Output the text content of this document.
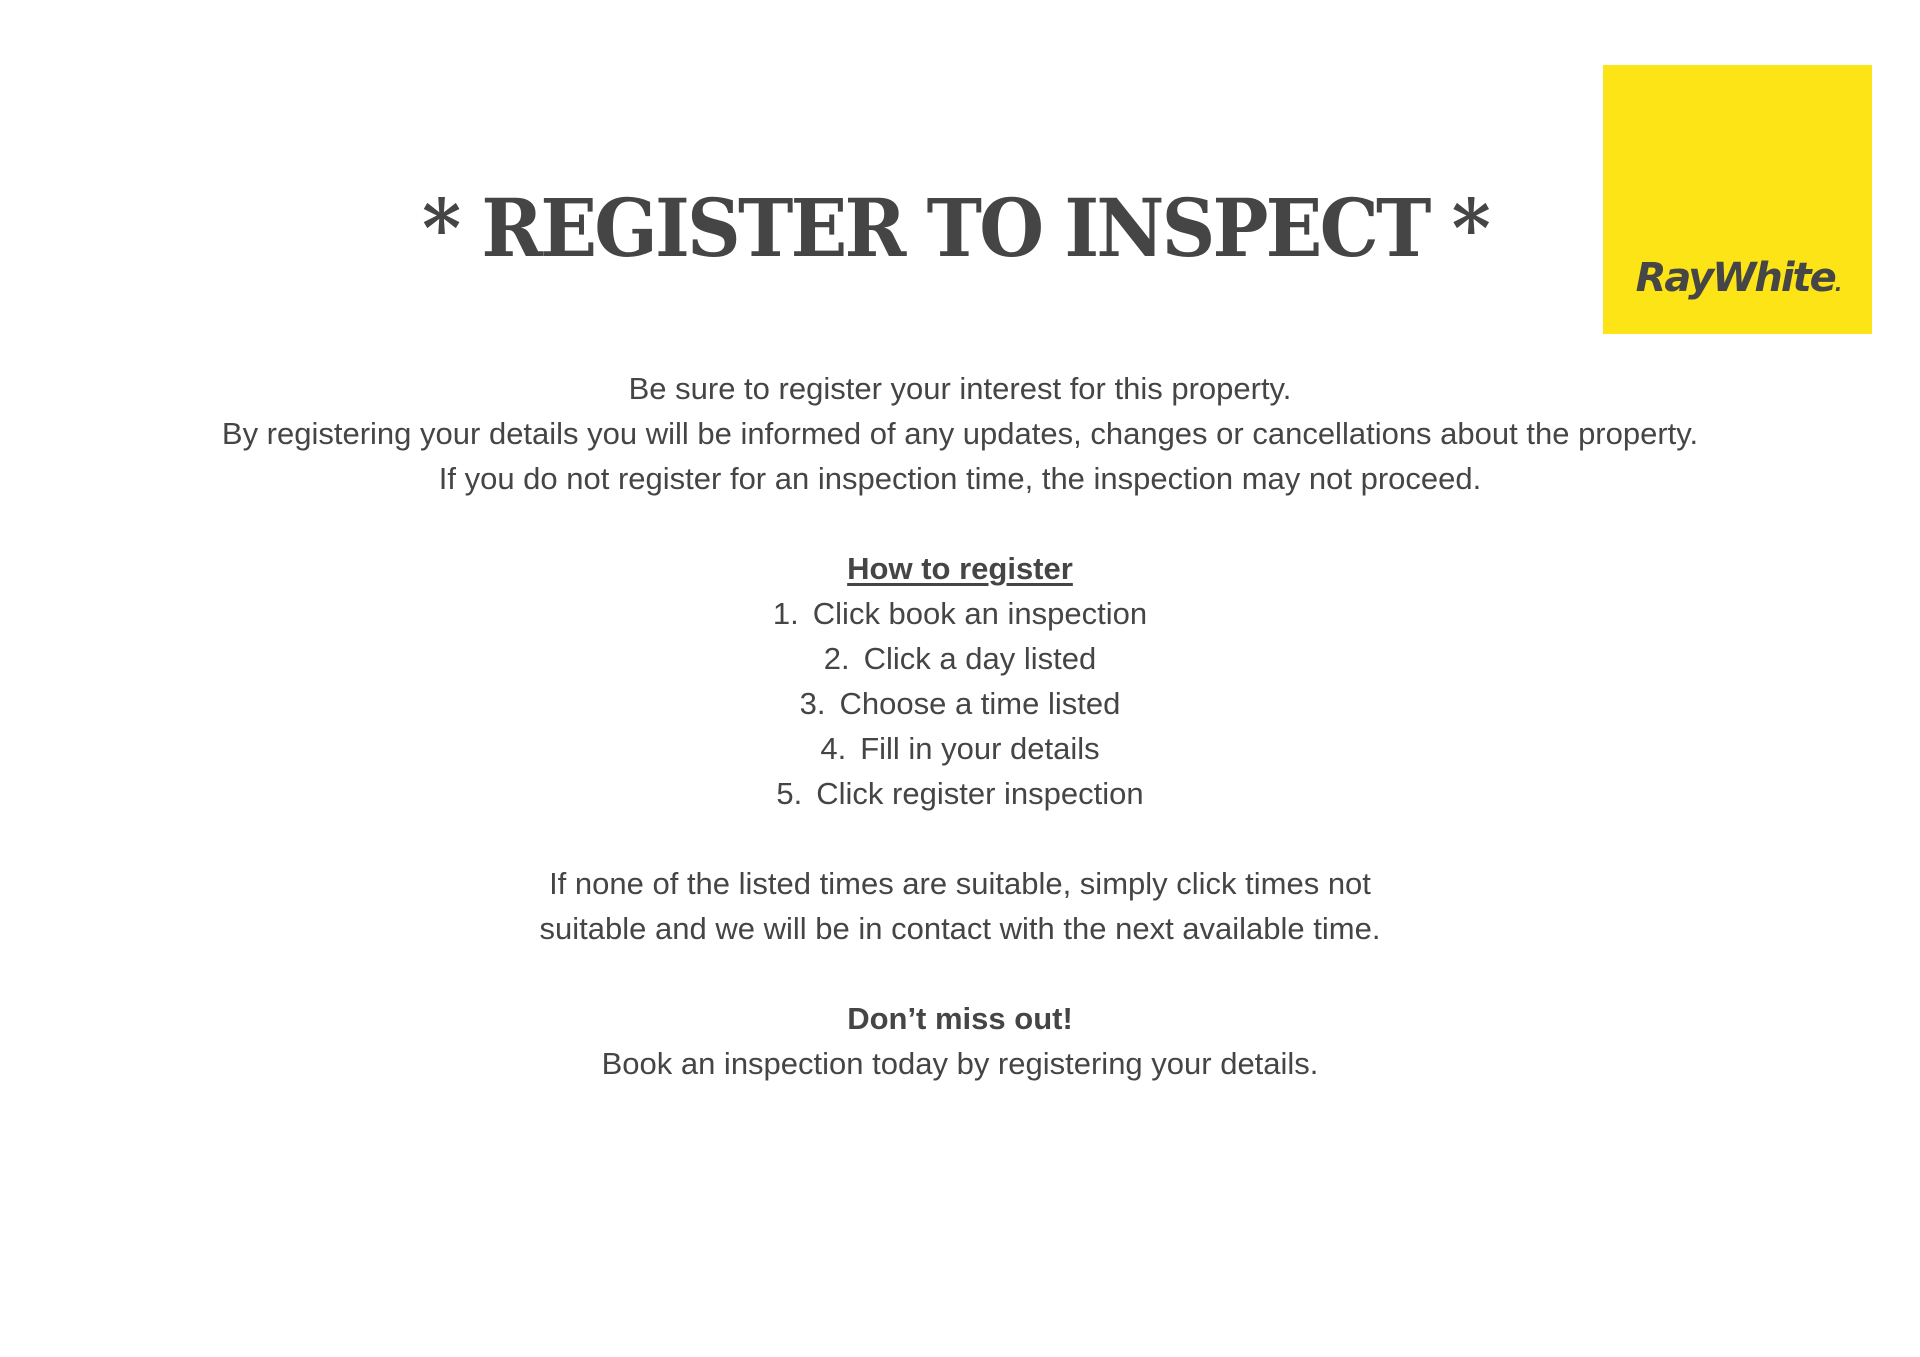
RayWhite.
* REGISTER TO INSPECT *
Be sure to register your interest for this property.
By registering your details you will be informed of any updates, changes or cancellations about the property.
If you do not register for an inspection time, the inspection may not proceed.
How to register
1. Click book an inspection
2. Click a day listed
3. Choose a time listed
4. Fill in your details
5. Click register inspection
If none of the listed times are suitable, simply click times not
suitable and we will be in contact with the next available time.
Don’t miss out!
Book an inspection today by registering your details.
